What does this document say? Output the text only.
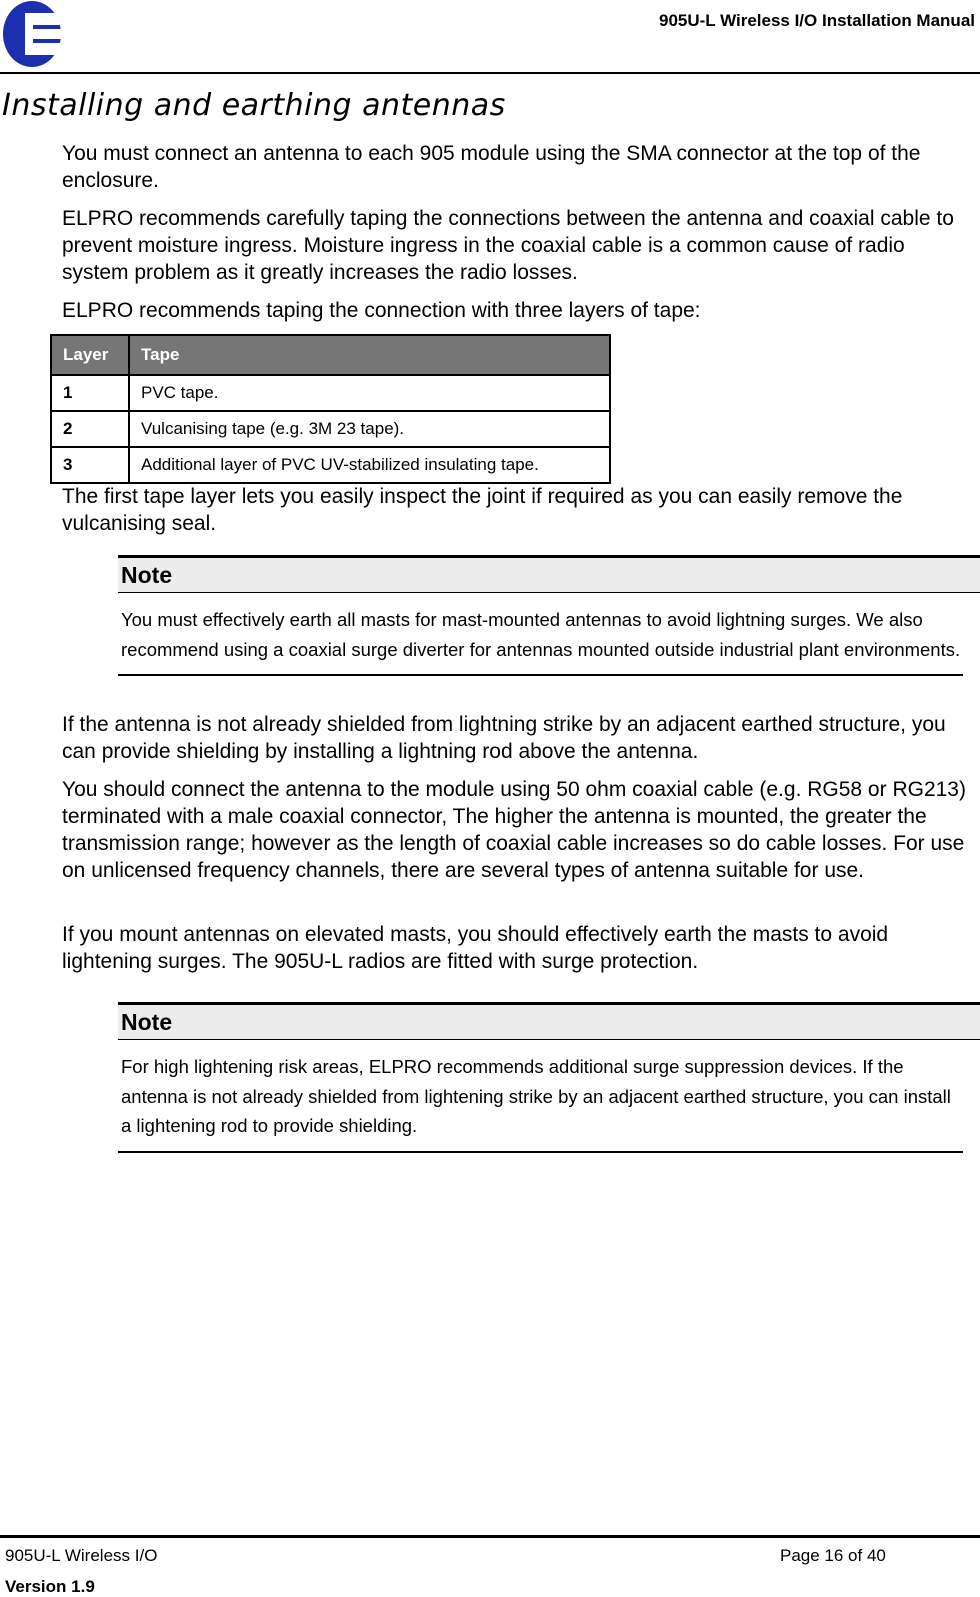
905U-L Wireless I/O Installation Manual
Installing and earthing antennas

You must connect an antenna to each 905 module using the SMA connector at the top of the enclosure.

ELPRO recommends carefully taping the connections between the antenna and coaxial cable to prevent moisture ingress. Moisture ingress in the coaxial cable is a common cause of radio system problem as it greatly increases the radio losses.

ELPRO recommends taping the connection with three layers of tape:

Layer	Tape
1	PVC tape.
2	Vulcanising tape (e.g. 3M 23 tape).
3	Additional layer of PVC UV-stabilized insulating tape.

The first tape layer lets you easily inspect the joint if required as you can easily remove the vulcanising seal.

Note
You must effectively earth all masts for mast-mounted antennas to avoid lightning surges. We also recommend using a coaxial surge diverter for antennas mounted outside industrial plant environments.

If the antenna is not already shielded from lightning strike by an adjacent earthed structure, you can provide shielding by installing a lightning rod above the antenna.

You should connect the antenna to the module using 50 ohm coaxial cable (e.g. RG58 or RG213) terminated with a male coaxial connector, The higher the antenna is mounted, the greater the transmission range; however as the length of coaxial cable increases so do cable losses. For use on unlicensed frequency channels, there are several types of antenna suitable for use.

If you mount antennas on elevated masts, you should effectively earth the masts to avoid lightening surges. The 905U-L radios are fitted with surge protection.

Note
For high lightening risk areas, ELPRO recommends additional surge suppression devices. If the antenna is not already shielded from lightening strike by an adjacent earthed structure, you can install a lightening rod to provide shielding.
905U-L Wireless I/O	Page 16 of 40
Version 1.9
